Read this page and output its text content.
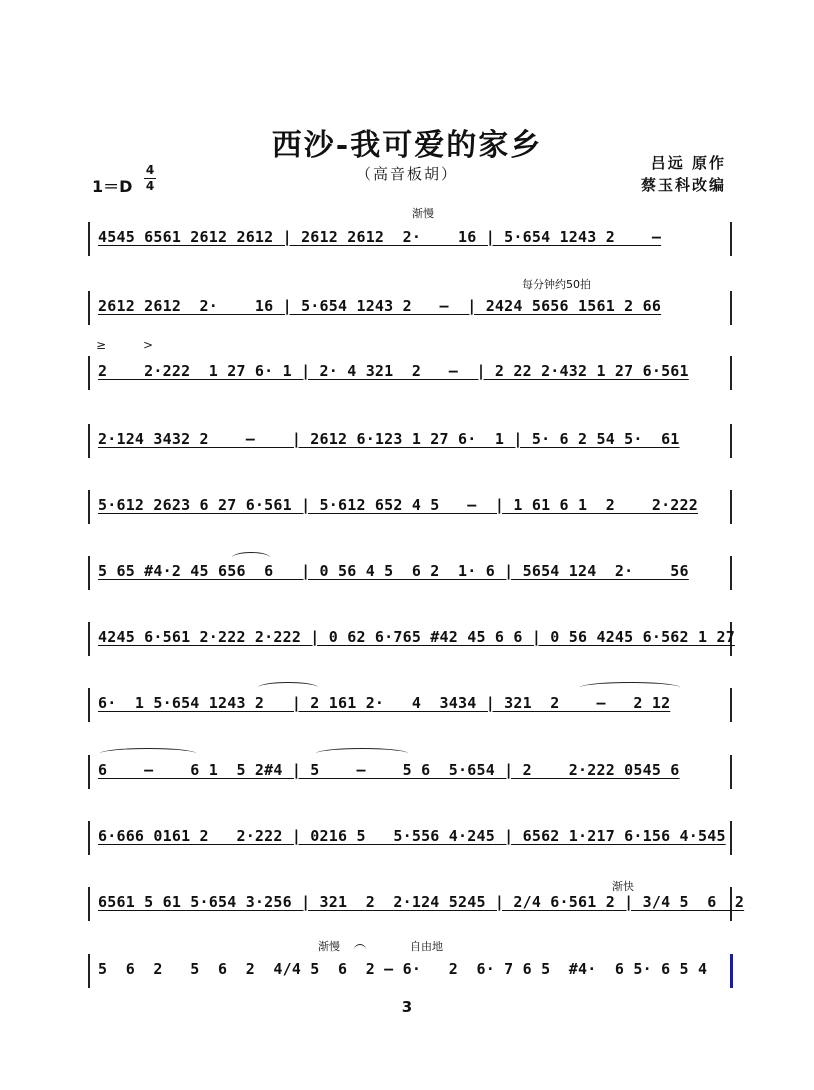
西沙-我可爱的家乡
（高音板胡）
吕远 原作
蔡玉科改编
1＝D
4
4
渐慢
每分钟约50拍
≥	>
渐快
渐慢	自由地
4545 6561 2612 2612 | 2612 2612  2·    16 | 5·654 1243 2    –
2612 2612  2·    16 | 5·654 1243 2   –  | 2424 5656 1561 2 66
2    2·222  1 27 6· 1 | 2· 4 321  2   –  | 2 22 2·432 1 27 6·561
2·124 3432 2    –    | 2612 6·123 1 27 6·  1 | 5· 6 2 54 5·  61
5·612 2623 6 27 6·561 | 5·612 652 4 5   –  | 1 61 6 1  2    2·222
5 65 #4·2 45 656  6   | 0 56 4 5  6 2  1· 6 | 5654 124  2·    56
4245 6·561 2·222 2·222 | 0 62 6·765 #42 45 6 6 | 0 56 4245 6·562 1 27
6·  1 5·654 1243 2   | 2 161 2·   4  3434 | 321  2    –   2 12
6    –    6 1  5 2#4 | 5    –    5 6  5·654 | 2    2·222 0545 6
6·666 0161 2   2·222 | 0216 5   5·556 4·245 | 6562 1·217 6·156 4·545
6561 5 61 5·654 3·256 | 321  2  2·124 5245 | 2/4 6·561 2 | 3/4 5  6  2
5  6  2   5  6  2  4/4 5  6  2 – 6·   2  6· 7 6 5  #4·  6 5· 6 5 4
3
